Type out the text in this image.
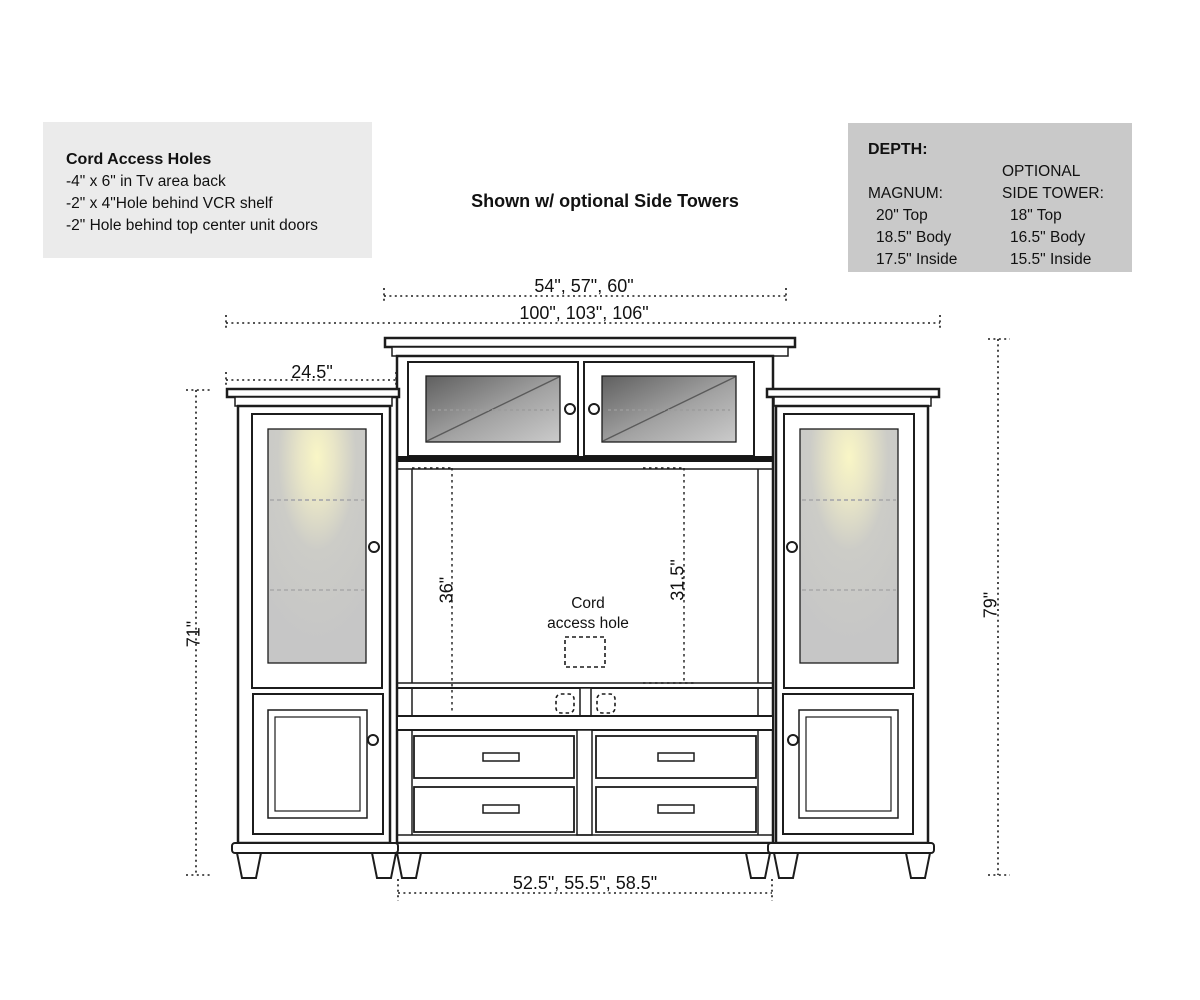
Cord Access Holes
-4" x 6" in Tv area back
-2" x 4"Hole behind VCR shelf
-2" Hole behind top center unit doors
Shown w/ optional Side Towers
DEPTH:

MAGNUM:
20" Top
18.5" Body
17.5" Inside
OPTIONAL
SIDE TOWER:
18" Top
16.5" Body
15.5" Inside
54", 57", 60"
100", 103", 106"
24.5"
71"
79"
36"	31.5"
52.5", 55.5", 58.5"
Cord
access hole
